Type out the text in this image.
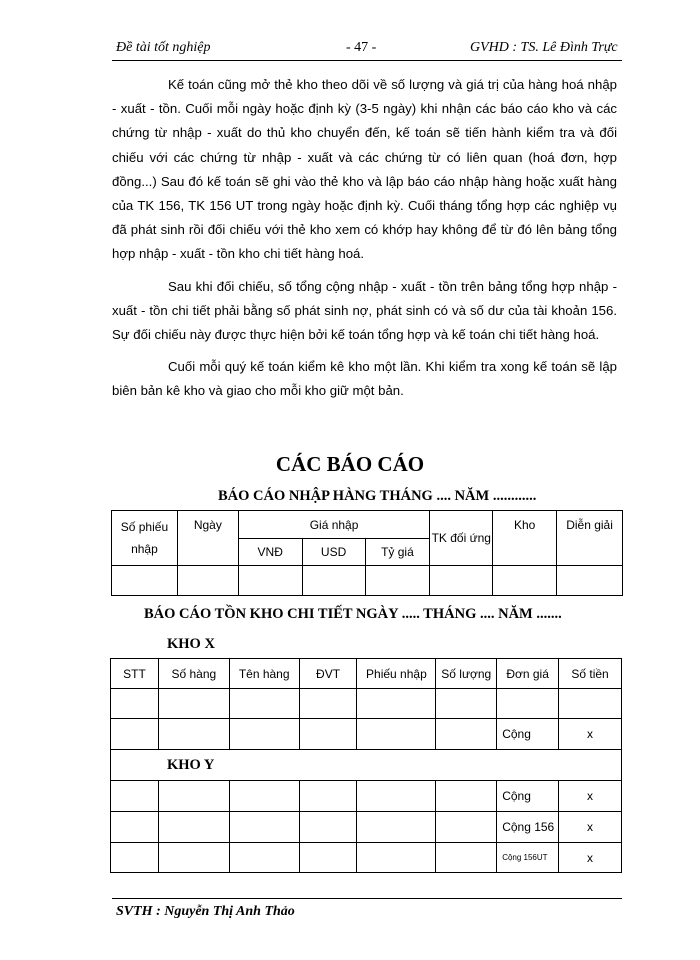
Đề tài tốt nghiệp	- 47 -	GVHD : TS. Lê Đình Trực

Kế toán cũng mở thẻ kho theo dõi về số lượng và giá trị của hàng hoá nhập - xuất - tồn. Cuối mỗi ngày hoặc định kỳ (3-5 ngày) khi nhận các báo cáo kho và các chứng từ nhập - xuất do thủ kho chuyển đến, kế toán sẽ tiến hành kiểm tra và đối chiếu với các chứng từ nhập - xuất và các chứng từ có liên quan (hoá đơn, hợp đồng...) Sau đó kế toán sẽ ghi vào thẻ kho và lập báo cáo nhập hàng hoặc xuất hàng của TK 156, TK 156 UT trong ngày hoặc định kỳ. Cuối tháng tổng hợp các nghiệp vụ đã phát sinh rồi đối chiếu với thẻ kho xem có khớp hay không để từ đó lên bảng tổng hợp nhập - xuất - tồn kho chi tiết hàng hoá.

Sau khi đối chiếu, số tổng cộng nhập - xuất - tồn trên bảng tổng hợp nhập - xuất - tồn chi tiết phải bằng số phát sinh nợ, phát sinh có và số dư của tài khoản 156. Sự đối chiếu này được thực hiện bởi kế toán tổng hợp và kế toán chi tiết hàng hoá.

Cuối mỗi quý kế toán kiểm kê kho một lần. Khi kiểm tra xong kế toán sẽ lập biên bản kê kho và giao cho mỗi kho giữ một bản.

CÁC BÁO CÁO
BÁO CÁO NHẬP HÀNG THÁNG .... NĂM ............
Số phiếu nhập	Ngày	Giá nhập			TK đối ứng	Kho	Diễn giải
		VNĐ	USD	Tỷ giá			

BÁO CÁO TỒN KHO CHI TIẾT NGÀY ..... THÁNG .... NĂM .......
KHO X
STT	Số hàng	Tên hàng	ĐVT	Phiếu nhập	Số lượng	Đơn giá	Số tiền

						Cộng	x
KHO Y							
						Cộng	x
						Cộng 156	x
						Cộng 156UT	x
SVTH : Nguyễn Thị Anh Thảo
